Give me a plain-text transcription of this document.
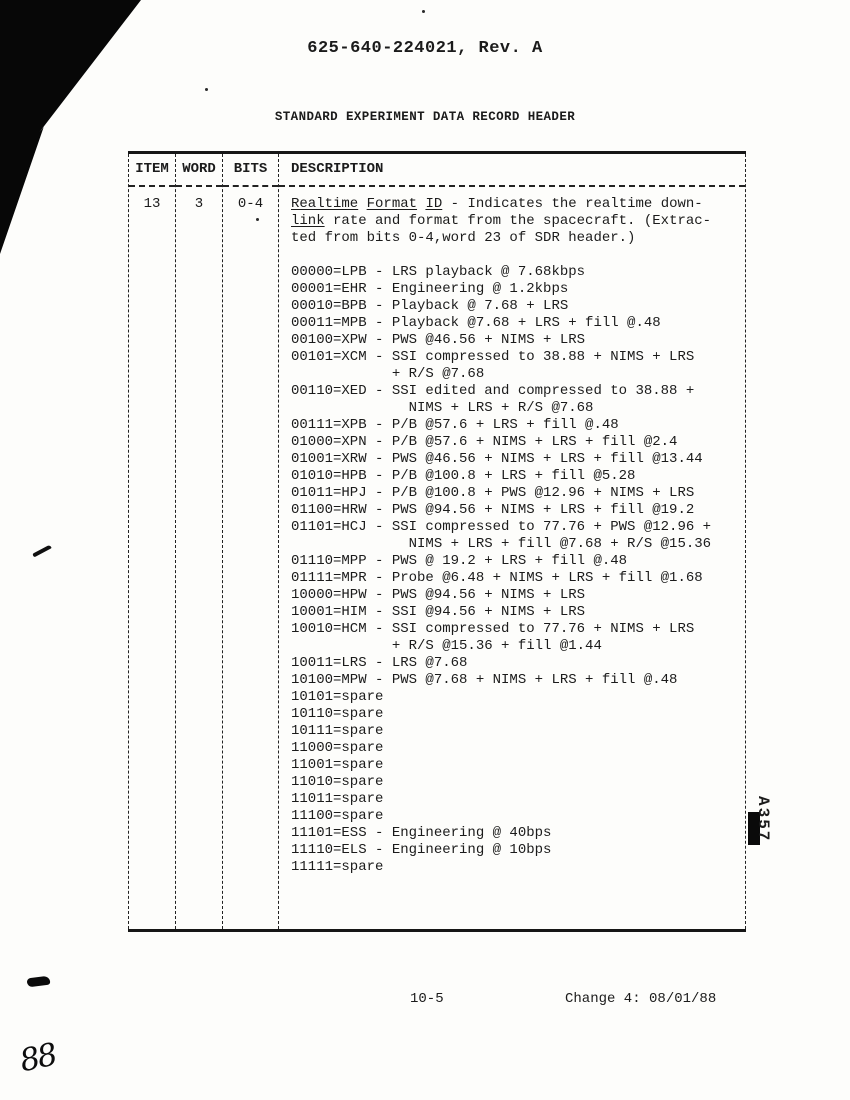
625-640-224021, Rev. A
STANDARD EXPERIMENT DATA RECORD HEADER
ITEM
13
WORD
3
BITS
0-4
DESCRIPTION
Realtime Format ID - Indicates the realtime down-
link rate and format from the spacecraft. (Extrac-
ted from bits 0-4,word 23 of SDR header.)
00000=LPB - LRS playback @ 7.68kbps
00001=EHR - Engineering @ 1.2kbps
00010=BPB - Playback @ 7.68 + LRS
00011=MPB - Playback @7.68 + LRS + fill @.48
00100=XPW - PWS @46.56 + NIMS + LRS
00101=XCM - SSI compressed to 38.88 + NIMS + LRS
+ R/S @7.68
00110=XED - SSI edited and compressed to 38.88 +
NIMS + LRS + R/S @7.68
00111=XPB - P/B @57.6 + LRS + fill @.48
01000=XPN - P/B @57.6 + NIMS + LRS + fill @2.4
01001=XRW - PWS @46.56 + NIMS + LRS + fill @13.44
01010=HPB - P/B @100.8 + LRS + fill @5.28
01011=HPJ - P/B @100.8 + PWS @12.96 + NIMS + LRS
01100=HRW - PWS @94.56 + NIMS + LRS + fill @19.2
01101=HCJ - SSI compressed to 77.76 + PWS @12.96 +
NIMS + LRS + fill @7.68 + R/S @15.36
01110=MPP - PWS @ 19.2 + LRS + fill @.48
01111=MPR - Probe @6.48 + NIMS + LRS + fill @1.68
10000=HPW - PWS @94.56 + NIMS + LRS
10001=HIM - SSI @94.56 + NIMS + LRS
10010=HCM - SSI compressed to 77.76 + NIMS + LRS
+ R/S @15.36 + fill @1.44
10011=LRS - LRS @7.68
10100=MPW - PWS @7.68 + NIMS + LRS + fill @.48
10101=spare
10110=spare
10111=spare
11000=spare
11001=spare
11010=spare
11011=spare
11100=spare
11101=ESS - Engineering @ 40bps
11110=ELS - Engineering @ 10bps
11111=spare
A357
10-5	Change 4: 08/01/88
88
